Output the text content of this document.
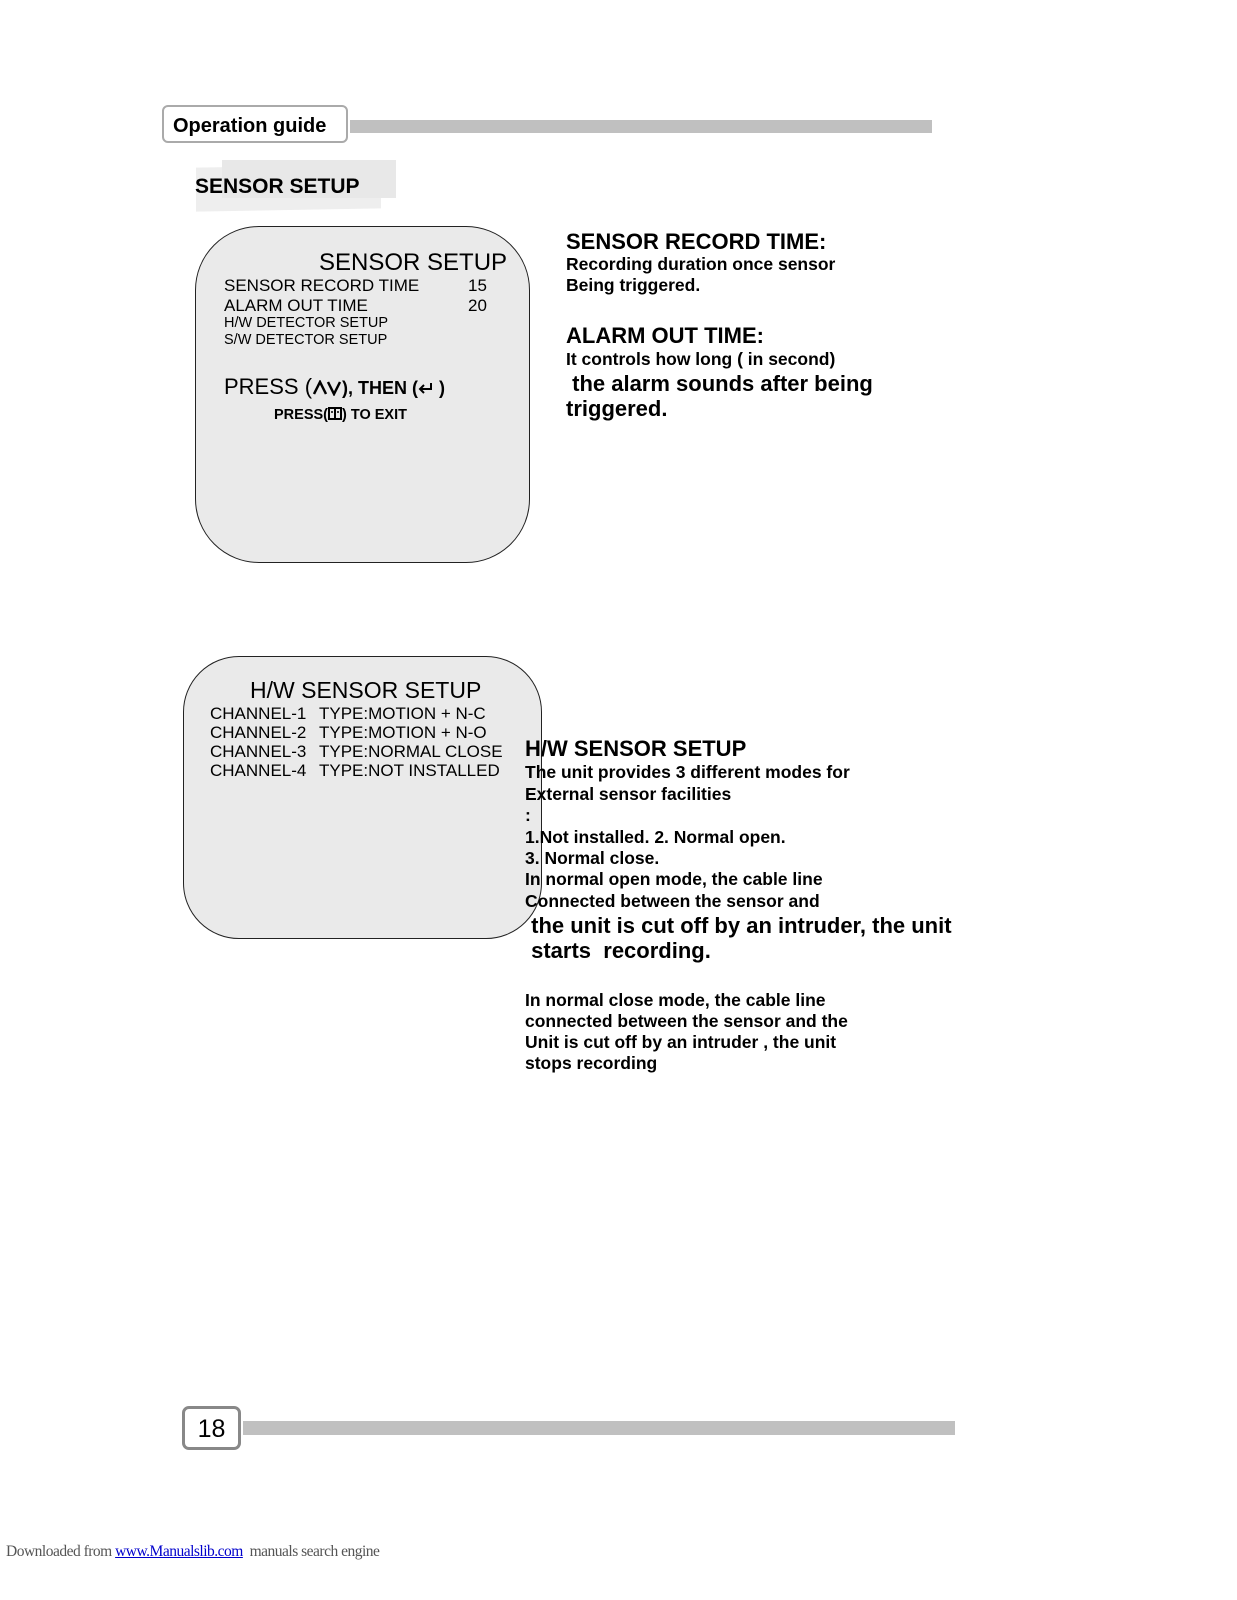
Operation guide
SENSOR SETUP
SENSOR SETUP
SENSOR RECORD TIME	15
ALARM OUT TIME	20
H/W DETECTOR SETUP
S/W DETECTOR SETUP
PRESS ( ), THEN ( )
PRESS( ) TO EXIT
SENSOR RECORD TIME:
Recording duration once sensor
Being triggered.
ALARM OUT TIME:
It controls how long ( in second)
the alarm sounds after being
triggered.
H/W SENSOR SETUP
CHANNEL-1 TYPE:MOTION + N-C
CHANNEL-2 TYPE:MOTION + N-O
CHANNEL-3 TYPE:NORMAL CLOSE
CHANNEL-4 TYPE:NOT INSTALLED
H/W SENSOR SETUP
The unit provides 3 different modes for
External sensor facilities
:
1.Not installed. 2. Normal open.
3. Normal close.
In normal open mode, the cable line
Connected between the sensor and
the unit is cut off by an intruder, the unit
starts  recording.
In normal close mode, the cable line
connected between the sensor and the
Unit is cut off by an intruder , the unit
stops recording
18
Downloaded from www.Manualslib.com  manuals search engine
